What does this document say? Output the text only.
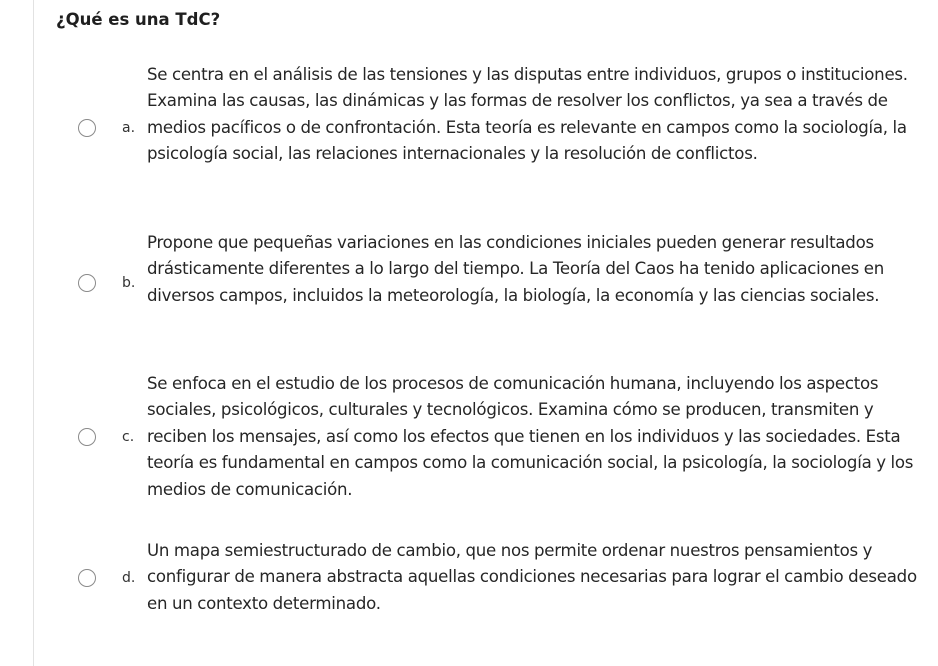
¿Qué es una TdC?
a.
Se centra en el análisis de las tensiones y las disputas entre individuos, grupos o instituciones. Examina las causas, las dinámicas y las formas de resolver los conflictos, ya sea a través de medios pacíficos o de confrontación. Esta teoría es relevante en campos como la sociología, la psicología social, las relaciones internacionales y la resolución de conflictos.
b.
Propone que pequeñas variaciones en las condiciones iniciales pueden generar resultados drásticamente diferentes a lo largo del tiempo. La Teoría del Caos ha tenido aplicaciones en diversos campos, incluidos la meteorología, la biología, la economía y las ciencias sociales.
c.
Se enfoca en el estudio de los procesos de comunicación humana, incluyendo los aspectos sociales, psicológicos, culturales y tecnológicos. Examina cómo se producen, transmiten y reciben los mensajes, así como los efectos que tienen en los individuos y las sociedades. Esta teoría es fundamental en campos como la comunicación social, la psicología, la sociología y los medios de comunicación.
d.
Un mapa semiestructurado de cambio, que nos permite ordenar nuestros pensamientos y configurar de manera abstracta aquellas condiciones necesarias para lograr el cambio deseado en un contexto determinado.
